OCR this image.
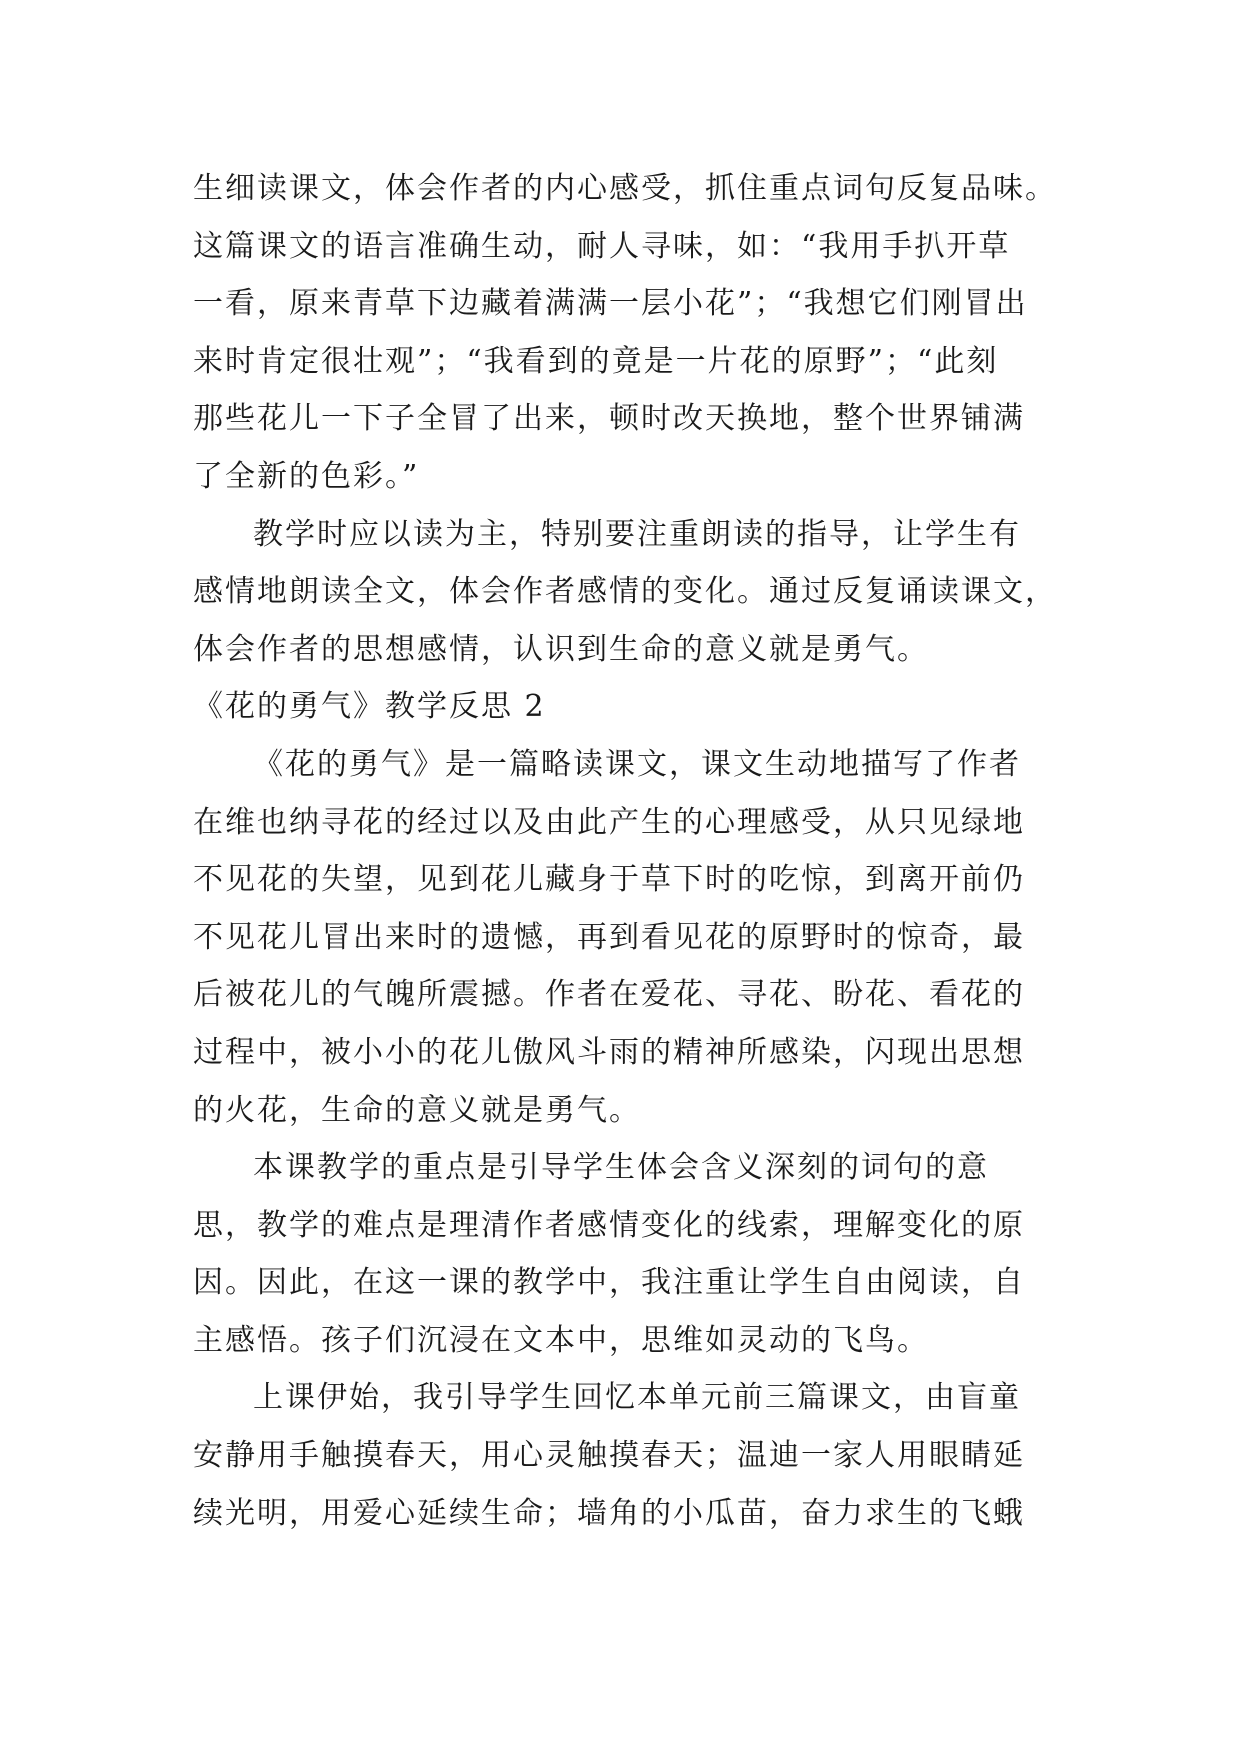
生细读课文，体会作者的内心感受，抓住重点词句反复品味。
这篇课文的语言准确生动，耐人寻味，如：“我用手扒开草
一看，原来青草下边藏着满满一层小花”；“我想它们刚冒出
来时肯定很壮观”；“我看到的竟是一片花的原野”；“此刻
那些花儿一下子全冒了出来，顿时改天换地，整个世界铺满
了全新的色彩。”
教学时应以读为主，特别要注重朗读的指导，让学生有
感情地朗读全文，体会作者感情的变化。通过反复诵读课文，
体会作者的思想感情，认识到生命的意义就是勇气。
《花的勇气》教学反思 2
《花的勇气》是一篇略读课文，课文生动地描写了作者
在维也纳寻花的经过以及由此产生的心理感受，从只见绿地
不见花的失望，见到花儿藏身于草下时的吃惊，到离开前仍
不见花儿冒出来时的遗憾，再到看见花的原野时的惊奇，最
后被花儿的气魄所震撼。作者在爱花、寻花、盼花、看花的
过程中，被小小的花儿傲风斗雨的精神所感染，闪现出思想
的火花，生命的意义就是勇气。
本课教学的重点是引导学生体会含义深刻的词句的意
思，教学的难点是理清作者感情变化的线索，理解变化的原
因。因此，在这一课的教学中，我注重让学生自由阅读，自
主感悟。孩子们沉浸在文本中，思维如灵动的飞鸟。
上课伊始，我引导学生回忆本单元前三篇课文，由盲童
安静用手触摸春天，用心灵触摸春天；温迪一家人用眼睛延
续光明，用爱心延续生命；墙角的小瓜苗，奋力求生的飞蛾
